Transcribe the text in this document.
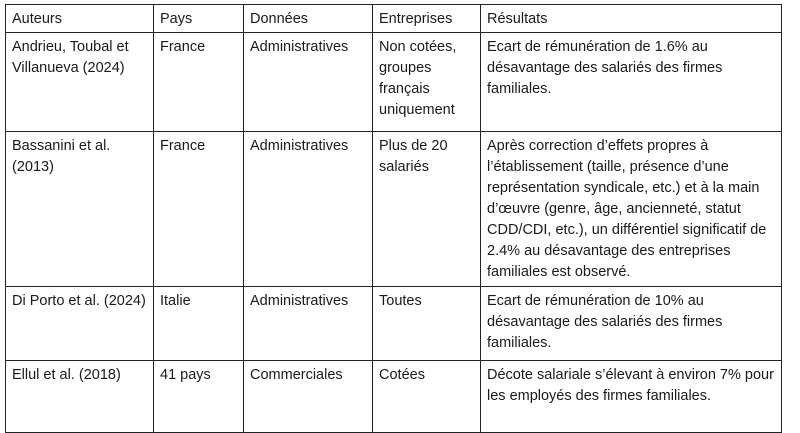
Auteurs	Pays	Données	Entreprises	Résultats
Andrieu, Toubal et Villanueva (2024)	France	Administratives	Non cotées, groupes français uniquement	Ecart de rémunération de 1.6% au désavantage des salariés des firmes familiales.
Bassanini et al. (2013)	France	Administratives	Plus de 20 salariés	Après correction d’effets propres à l’établissement (taille, présence d’une représentation syndicale, etc.) et à la main d’œuvre (genre, âge, ancienneté, statut CDD/CDI, etc.), un différentiel significatif de 2.4% au désavantage des entreprises familiales est observé.
Di Porto et al. (2024)	Italie	Administratives	Toutes	Ecart de rémunération de 10% au désavantage des salariés des firmes familiales.
Ellul et al. (2018)	41 pays	Commerciales	Cotées	Décote salariale s’élevant à environ 7% pour les employés des firmes familiales.
